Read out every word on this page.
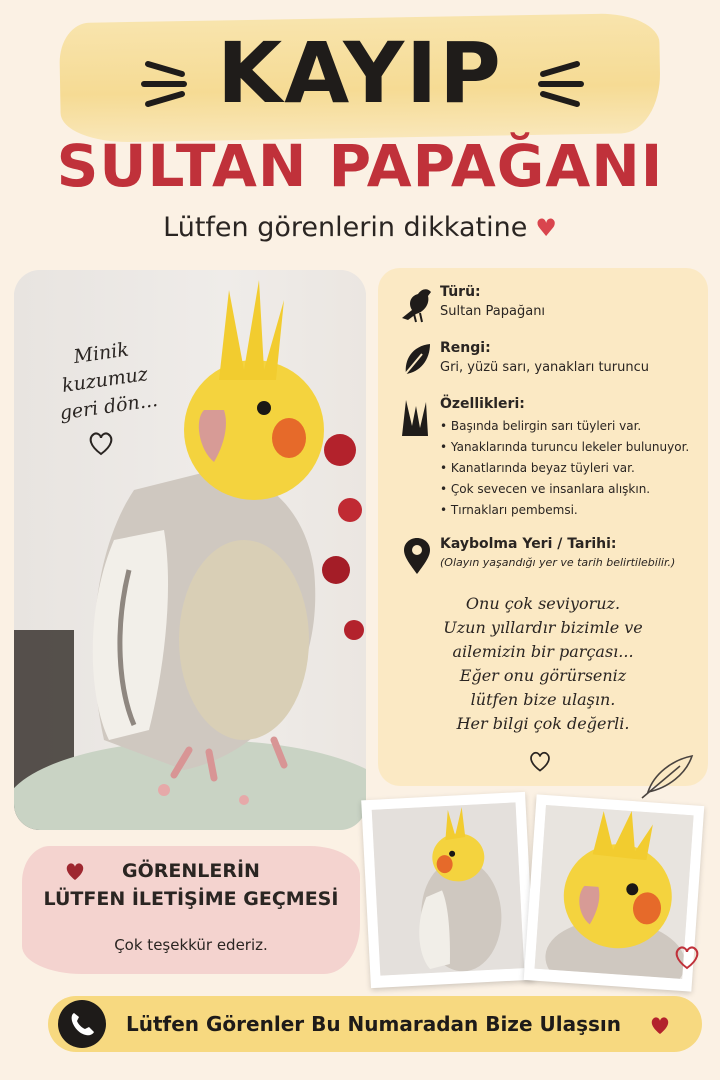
KAYIP
SULTAN PAPAĞANI
Lütfen görenlerin dikkatine ♥
Minik
kuzumuz
geri dön...
Türü:
Sultan Papağanı
Rengi:
Gri, yüzü sarı, yanakları turuncu
Özellikleri:
• Başında belirgin sarı tüyleri var.
• Yanaklarında turuncu lekeler bulunuyor.
• Kanatlarında beyaz tüyleri var.
• Çok sevecen ve insanlara alışkın.
• Tırnakları pembemsi.
Kaybolma Yeri / Tarihi:
(Olayın yaşandığı yer ve tarih belirtilebilir.)
Onu çok seviyoruz.
Uzun yıllardır bizimle ve
ailemizin bir parçası...
Eğer onu görürseniz
lütfen bize ulaşın.
Her bilgi çok değerli.
GÖRENLERİN
LÜTFEN İLETİŞİME GEÇMESİ
Çok teşekkür ederiz.
Lütfen Görenler Bu Numaradan Bize Ulaşsın
